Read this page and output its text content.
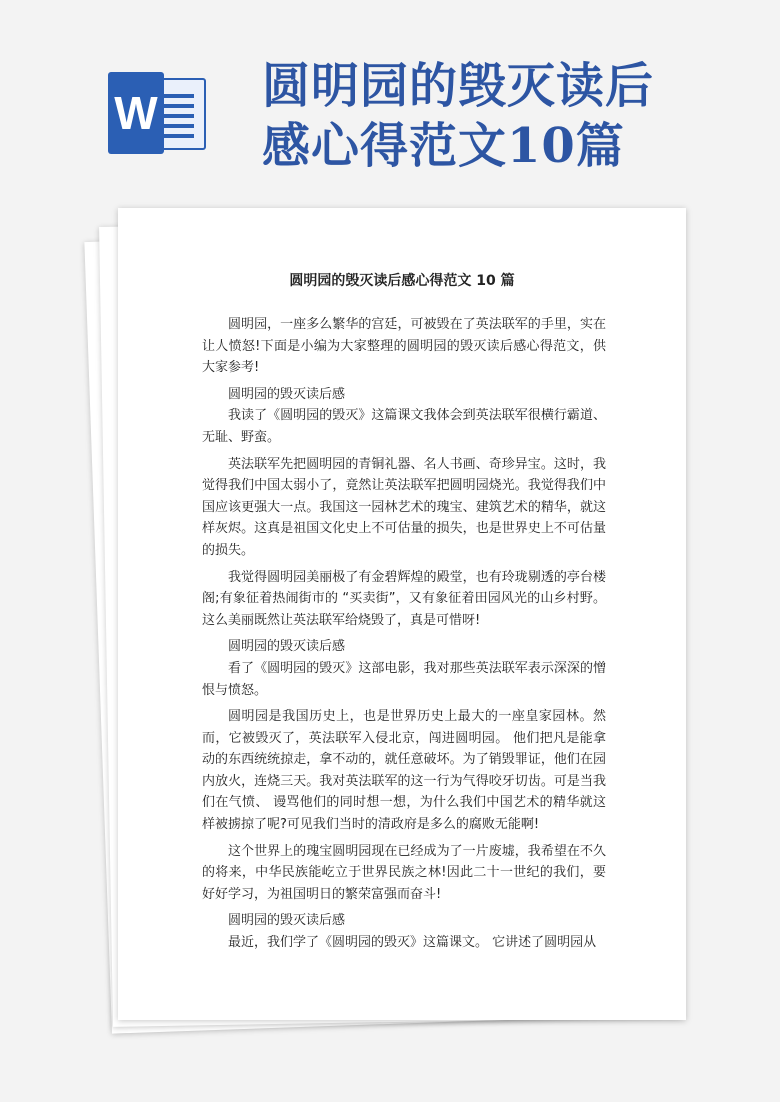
W 圆明园的毁灭读后
感心得范文10篇
圆明园的毁灭读后感心得范文 10 篇

圆明园，一座多么繁华的宫廷，可被毁在了英法联军的手里，实在让人愤怒!下面是小编为大家整理的圆明园的毁灭读后感心得范文，供大家参考!

圆明园的毁灭读后感

我读了《圆明园的毁灭》这篇课文我体会到英法联军很横行霸道、无耻、野蛮。

英法联军先把圆明园的青铜礼器、名人书画、奇珍异宝。这时，我觉得我们中国太弱小了，竟然让英法联军把圆明园烧光。我觉得我们中国应该更强大一点。我国这一园林艺术的瑰宝、建筑艺术的精华，就这样灰烬。这真是祖国文化史上不可估量的损失，也是世界史上不可估量的损失。

我觉得圆明园美丽极了有金碧辉煌的殿堂，也有玲珑剔透的亭台楼阁;有象征着热闹街市的 “买卖街”，又有象征着田园风光的山乡村野。这么美丽既然让英法联军给烧毁了，真是可惜呀!

圆明园的毁灭读后感

看了《圆明园的毁灭》这部电影，我对那些英法联军表示深深的憎恨与愤怒。

圆明园是我国历史上，也是世界历史上最大的一座皇家园林。然而，它被毁灭了，英法联军入侵北京，闯进圆明园。 他们把凡是能拿动的东西统统掠走，拿不动的，就任意破坏。为了销毁罪证，他们在园内放火，连烧三天。我对英法联军的这一行为气得咬牙切齿。可是当我们在气愤、 谩骂他们的同时想一想，为什么我们中国艺术的精华就这样被掳掠了呢?可见我们当时的清政府是多么的腐败无能啊!

这个世界上的瑰宝圆明园现在已经成为了一片废墟，我希望在不久的将来，中华民族能屹立于世界民族之林!因此二十一世纪的我们，要好好学习，为祖国明日的繁荣富强而奋斗!

圆明园的毁灭读后感

最近，我们学了《圆明园的毁灭》这篇课文。 它讲述了圆明园从
